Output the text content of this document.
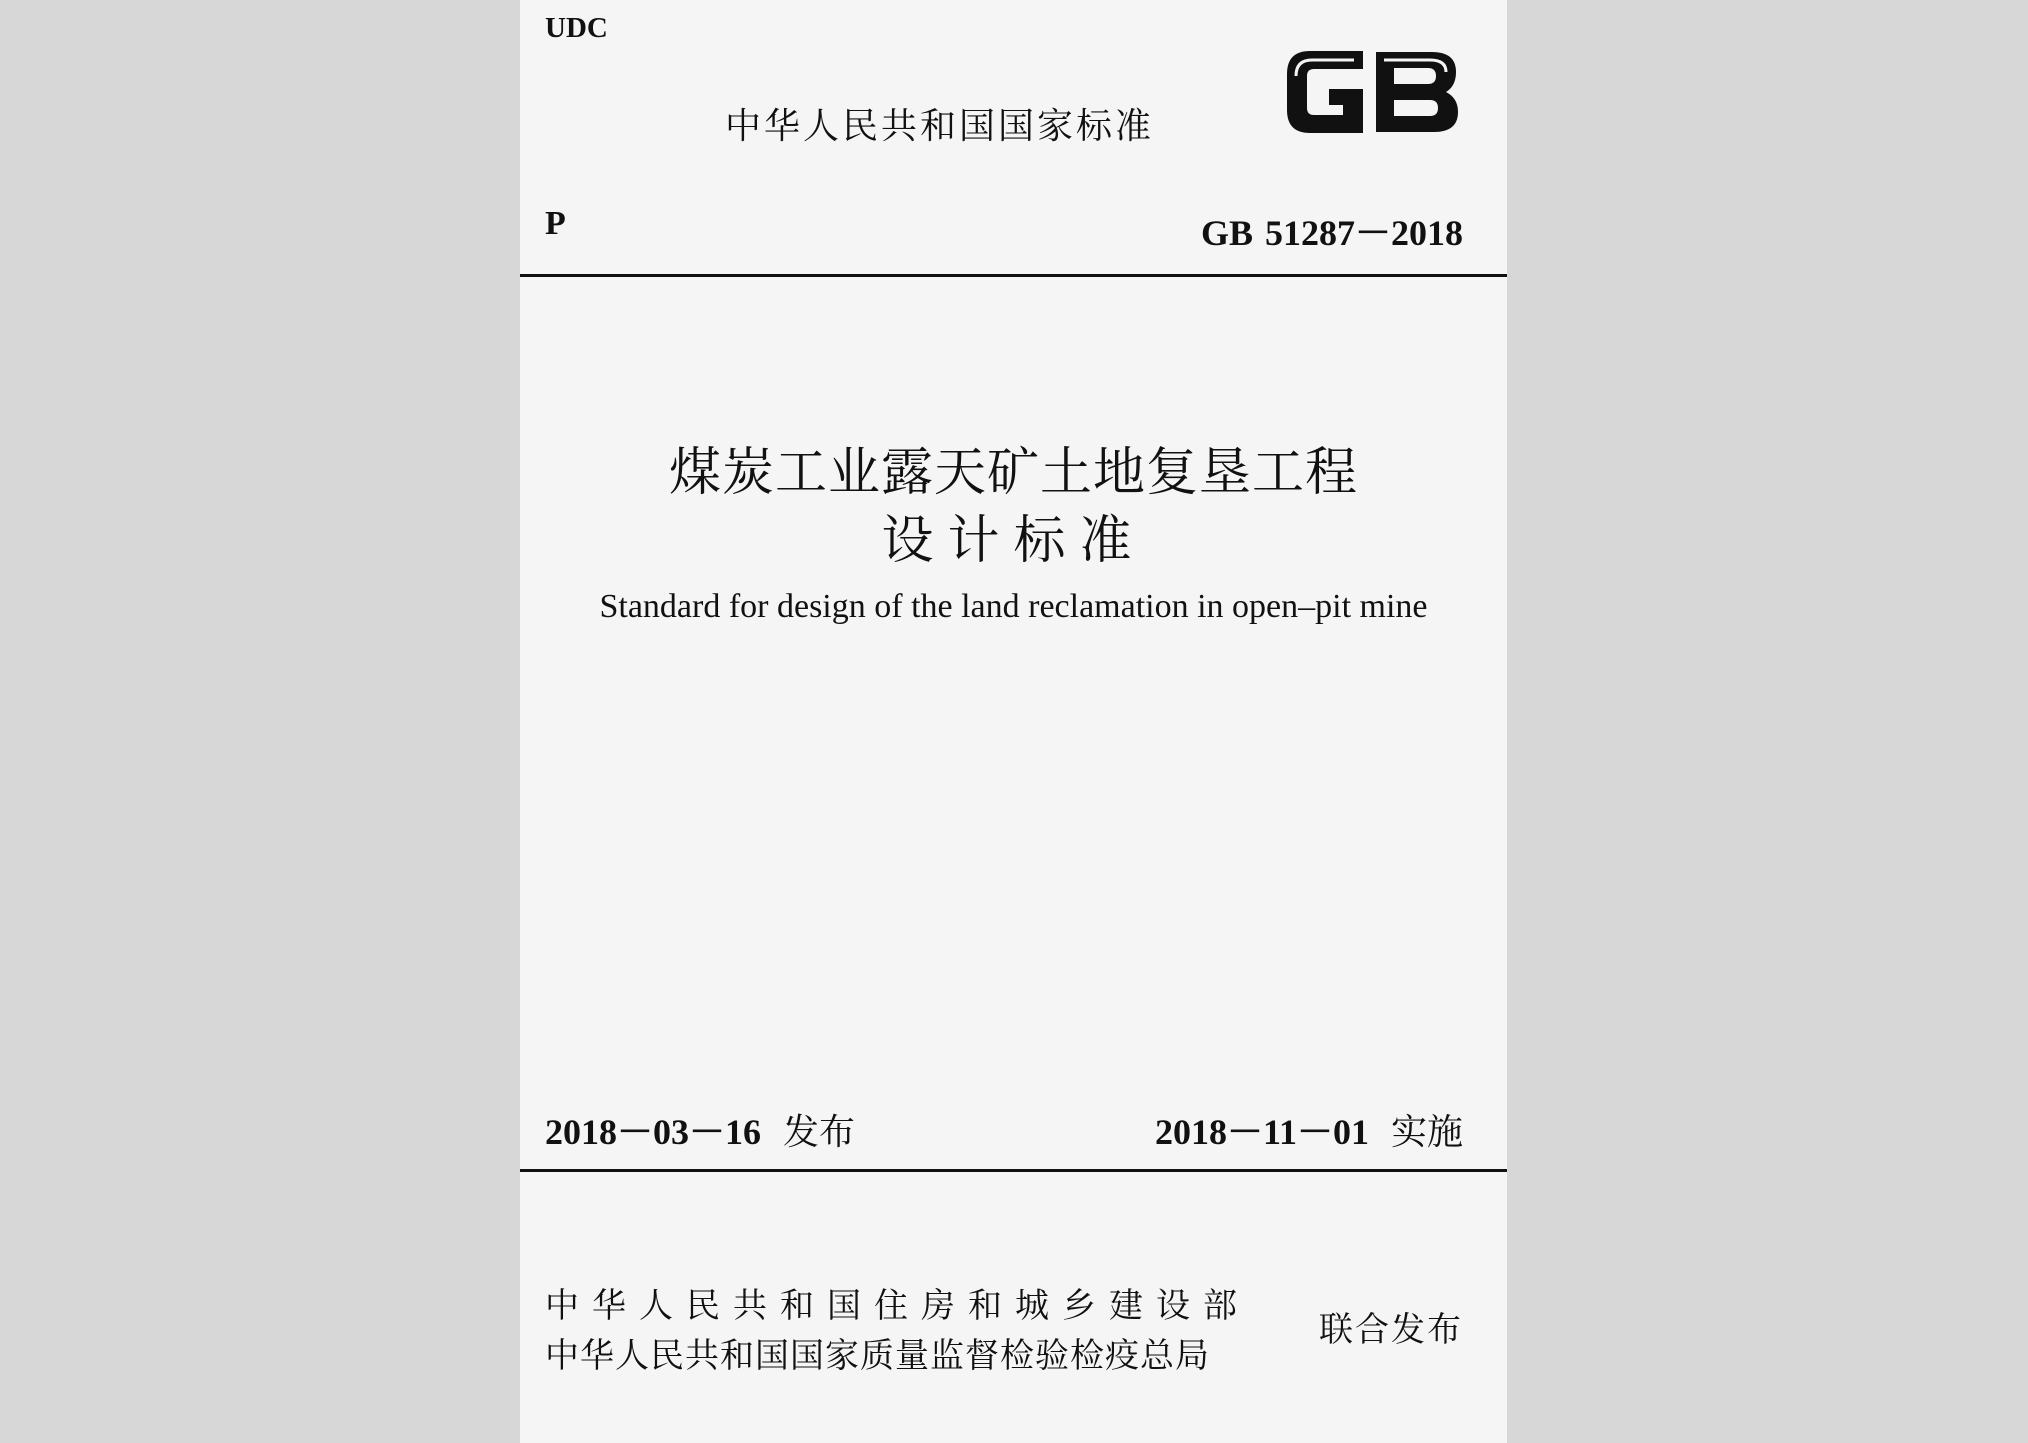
UDC
中华人民共和国国家标准
P	GB 51287－2018
煤炭工业露天矿土地复垦工程
设计标准
Standard for design of the land reclamation in open–pit mine
2018－03－16 发布	2018－11－01 实施
中华人民共和国住房和城乡建设部
中华人民共和国国家质量监督检验检疫总局
联合发布
